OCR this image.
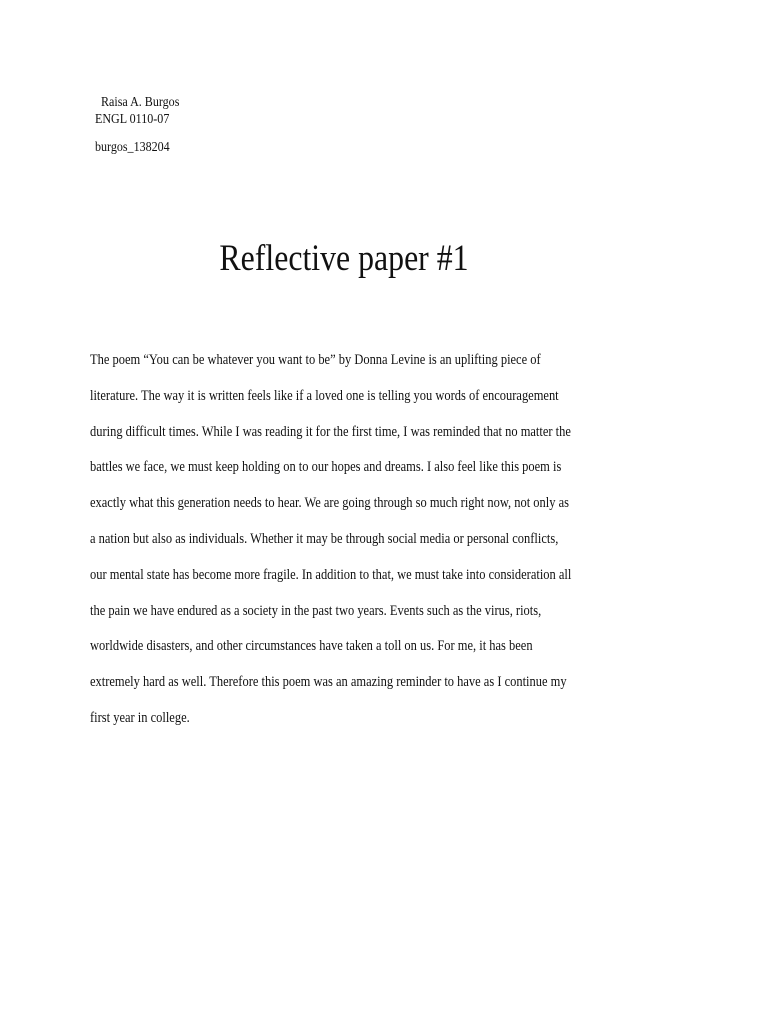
Raisa A. Burgos
ENGL 0110-07
burgos_138204
Reflective paper #1
The poem “You can be whatever you want to be” by Donna Levine is an uplifting piece of
literature. The way it is written feels like if a loved one is telling you words of encouragement
during difficult times. While I was reading it for the first time, I was reminded that no matter the
battles we face, we must keep holding on to our hopes and dreams. I also feel like this poem is
exactly what this generation needs to hear. We are going through so much right now, not only as
a nation but also as individuals. Whether it may be through social media or personal conflicts,
our mental state has become more fragile. In addition to that, we must take into consideration all
the pain we have endured as a society in the past two years. Events such as the virus, riots,
worldwide disasters, and other circumstances have taken a toll on us. For me, it has been
extremely hard as well. Therefore this poem was an amazing reminder to have as I continue my
first year in college.
